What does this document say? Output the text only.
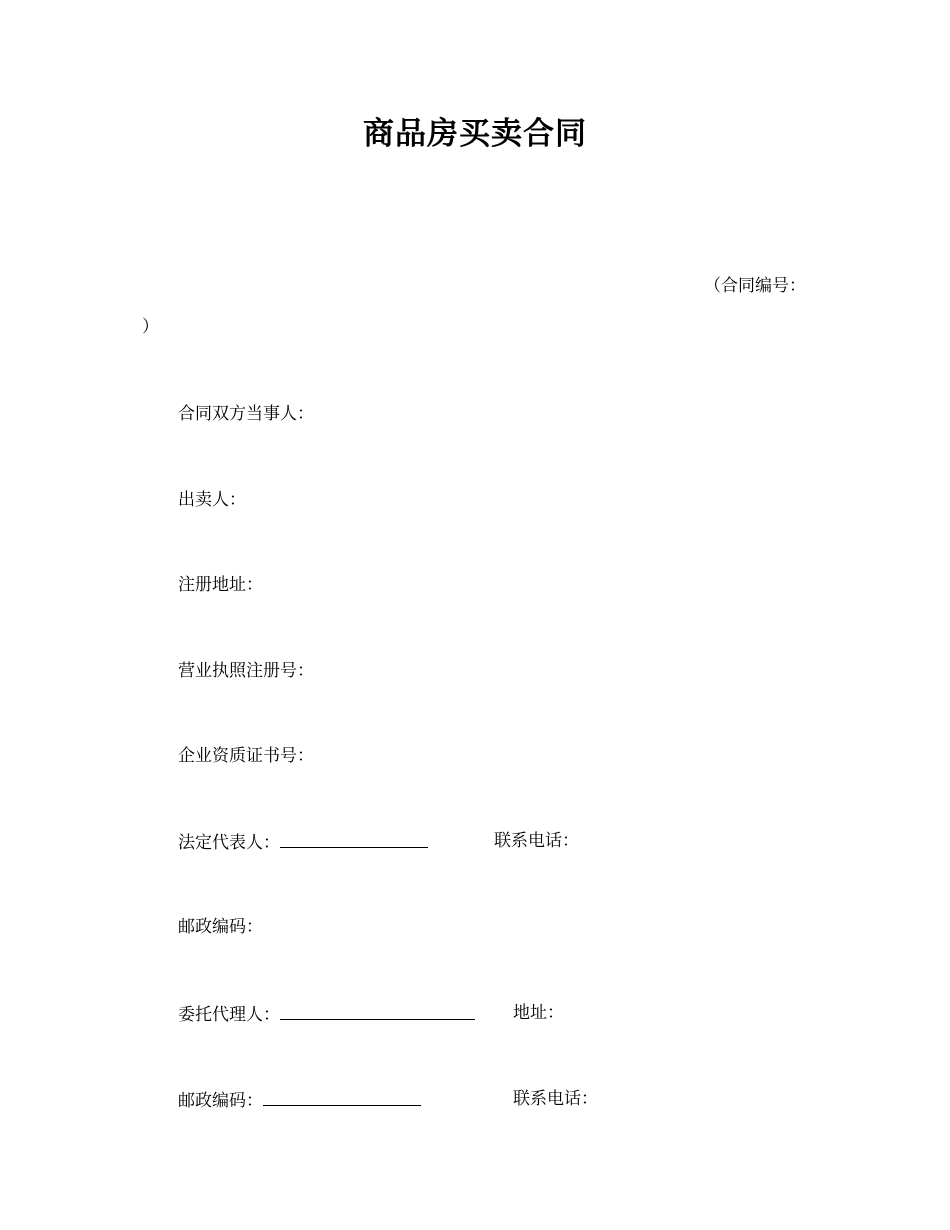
商品房买卖合同
（合同编号：
）
合同双方当事人：
出卖人：
注册地址：
营业执照注册号：
企业资质证书号：
法定代表人：	联系电话：
邮政编码：
委托代理人：	地址：
邮政编码：	联系电话：
